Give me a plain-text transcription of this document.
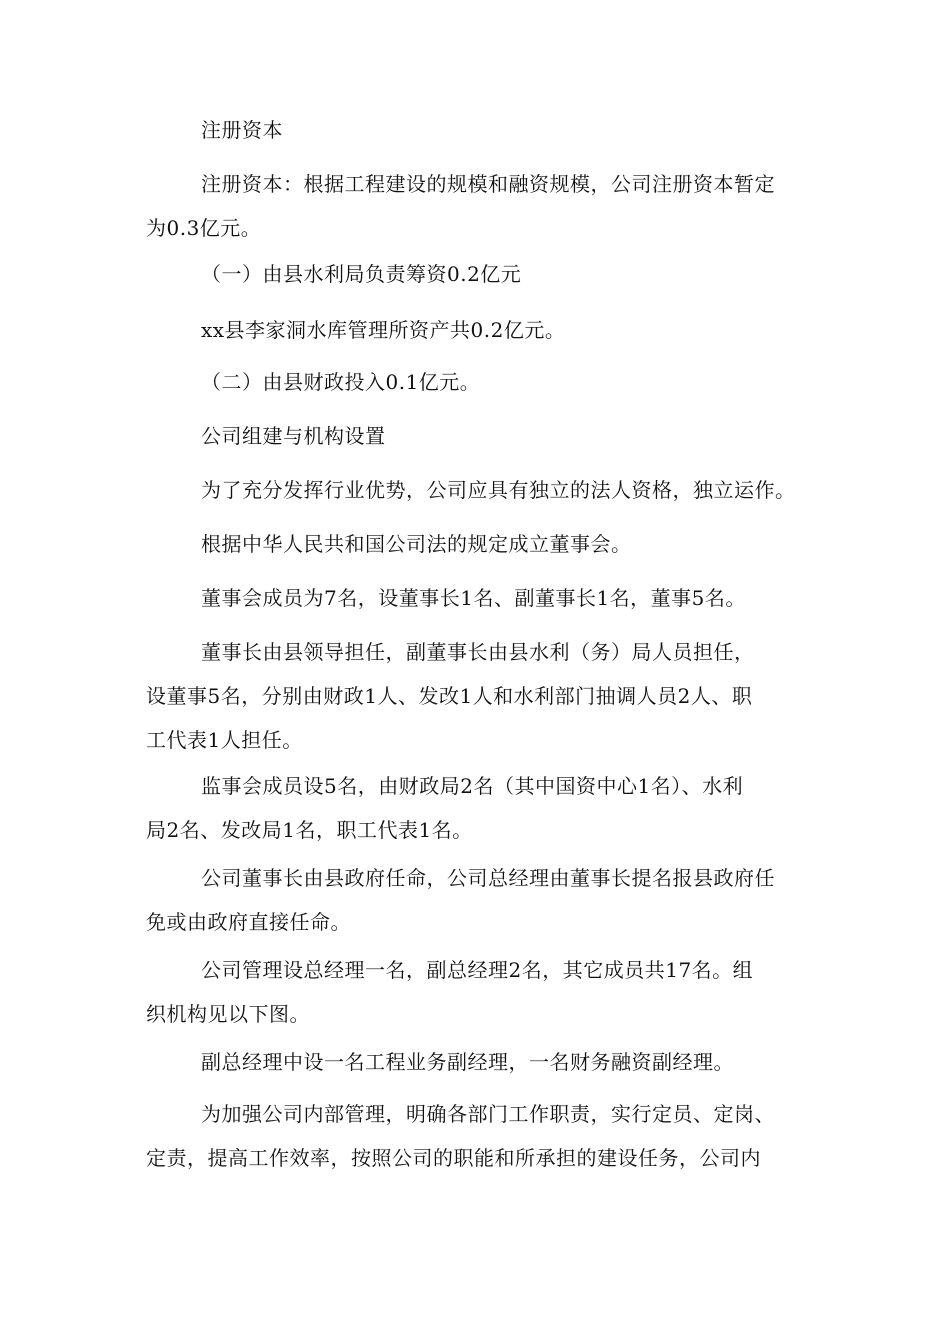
注册资本
注册资本：根据工程建设的规模和融资规模，公司注册资本暂定
为0.3亿元。
（一）由县水利局负责筹资0.2亿元
xx县李家洞水库管理所资产共0.2亿元。
（二）由县财政投入0.1亿元。
公司组建与机构设置
为了充分发挥行业优势，公司应具有独立的法人资格，独立运作。
根据中华人民共和国公司法的规定成立董事会。
董事会成员为7名，设董事长1名、副董事长1名，董事5名。
董事长由县领导担任，副董事长由县水利（务）局人员担任，
设董事5名，分别由财政1人、发改1人和水利部门抽调人员2人、职
工代表1人担任。
监事会成员设5名，由财政局2名（其中国资中心1名）、水利
局2名、发改局1名，职工代表1名。
公司董事长由县政府任命，公司总经理由董事长提名报县政府任
免或由政府直接任命。
公司管理设总经理一名，副总经理2名，其它成员共17名。组
织机构见以下图。
副总经理中设一名工程业务副经理，一名财务融资副经理。
为加强公司内部管理，明确各部门工作职责，实行定员、定岗、
定责，提高工作效率，按照公司的职能和所承担的建设任务，公司内
